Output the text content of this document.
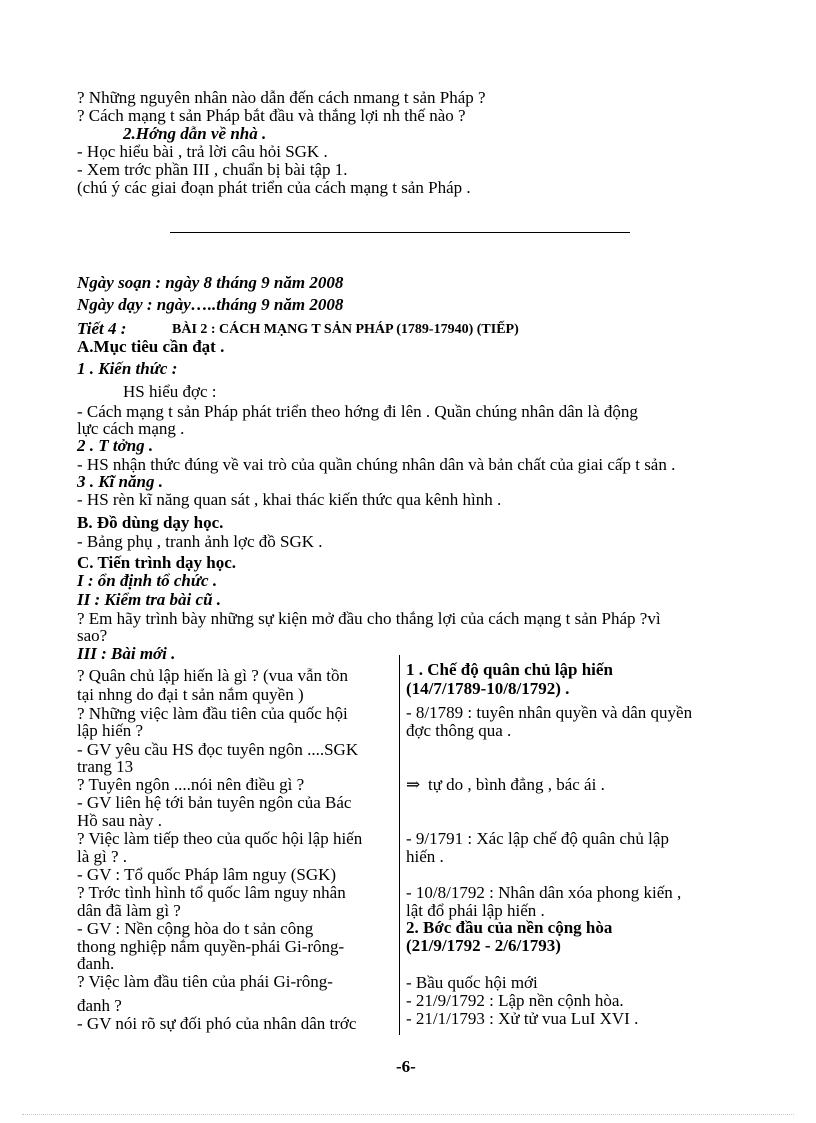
? Những nguyên nhân nào dẫn đến cách nmang t sản Pháp ?
? Cách mạng t sản Pháp bắt đầu và thắng lợi nh thế nào ?
2.Hớng dẫn về nhà .
- Học hiểu bài , trả lời câu hỏi SGK .
- Xem trớc phần III , chuẩn bị bài tập 1.
(chú ý các giai đoạn phát triển của cách mạng t sản Pháp .
Ngày soạn : ngày 8 tháng 9 năm 2008
Ngày dạy : ngày…..tháng 9 năm 2008
Tiết 4 :	BÀI 2 : CÁCH MẠNG T SẢN PHÁP (1789-17940) (TIẾP)
A.Mục tiêu cần đạt .
1 . Kiến thức :
HS hiểu đợc :
- Cách mạng t sản Pháp phát triển theo hớng đi lên . Quần chúng nhân dân là động
lực cách mạng .
2 . T tởng .
- HS nhận thức đúng về vai trò của quần chúng nhân dân và bản chất của giai cấp t sản .
3 . Kĩ năng .
- HS rèn kĩ năng quan sát , khai thác kiến thức qua kênh hình .
B. Đồ dùng dạy học.
- Bảng phụ , tranh ảnh lợc đồ SGK .
C. Tiến trình dạy học.
I : ổn định tổ chức .
II : Kiểm tra bài cũ .
? Em hãy trình bày những sự kiện mở đầu cho thắng lợi của cách mạng t sản Pháp ?vì
sao?
III : Bài mới .
? Quân chủ lập hiến là gì ? (vua vẫn tồn
tại nhng do đại t sản nắm quyền )
? Những việc làm đầu tiên của quốc hội
lập hiến ?
- GV yêu cầu HS đọc tuyên ngôn ....SGK
trang 13
? Tuyên ngôn ....nói nên điều gì ?
- GV liên hệ tới bản tuyên ngôn của Bác
Hồ sau này .
? Việc làm tiếp theo của quốc hội lập hiến
là gì ? .
- GV : Tổ quốc Pháp lâm nguy (SGK)
? Trớc tình hình tổ quốc lâm nguy nhân
dân đã làm gì ?
- GV : Nền cộng hòa do t sản công
thong nghiệp nắm quyền-phái Gi-rông-
đanh.
? Việc làm đầu tiên của phái Gi-rông-
đanh ?
- GV nói rõ sự đối phó của nhân dân trớc
1 . Chế độ quân chủ lập hiến
(14/7/1789-10/8/1792) .
- 8/1789 : tuyên nhân quyền và dân quyền
đợc thông qua .
⇒ tự do , bình đẳng , bác ái .
- 9/1791 : Xác lập chế độ quân chủ lập
hiến .
- 10/8/1792 : Nhân dân xóa phong kiến ,
lật đổ phái lập hiến .
2. Bớc đầu của nền cộng hòa
(21/9/1792 - 2/6/1793)
- Bầu quốc hội mới
- 21/9/1792 : Lập nền cộnh hòa.
- 21/1/1793 : Xử tử vua LuI XVI .
-6-
